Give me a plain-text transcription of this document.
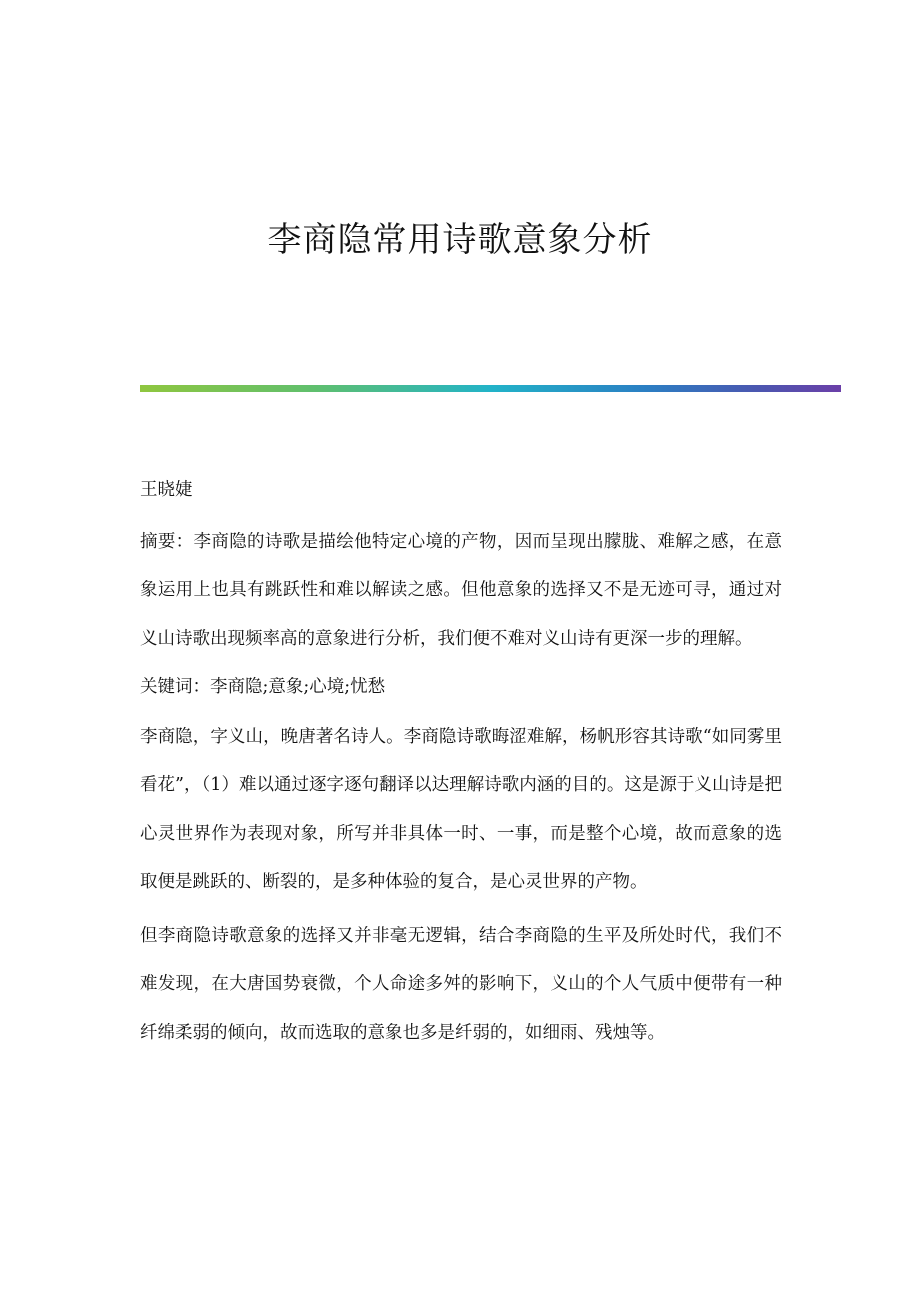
李商隐常用诗歌意象分析

王晓婕

摘要：李商隐的诗歌是描绘他特定心境的产物，因而呈现出朦胧、难解之感，在意象运用上也具有跳跃性和难以解读之感。但他意象的选择又不是无迹可寻，通过对义山诗歌出现频率高的意象进行分析，我们便不难对义山诗有更深一步的理解。

关键词：李商隐;意象;心境;忧愁

李商隐，字义山，晚唐著名诗人。李商隐诗歌晦涩难解，杨帆形容其诗歌“如同雾里看花”，（1）难以通过逐字逐句翻译以达理解诗歌内涵的目的。这是源于义山诗是把心灵世界作为表现对象，所写并非具体一时、一事，而是整个心境，故而意象的选取便是跳跃的、断裂的，是多种体验的复合，是心灵世界的产物。

但李商隐诗歌意象的选择又并非毫无逻辑，结合李商隐的生平及所处时代，我们不难发现，在大唐国势衰微，个人命途多舛的影响下，义山的个人气质中便带有一种纤绵柔弱的倾向，故而选取的意象也多是纤弱的，如细雨、残烛等。
